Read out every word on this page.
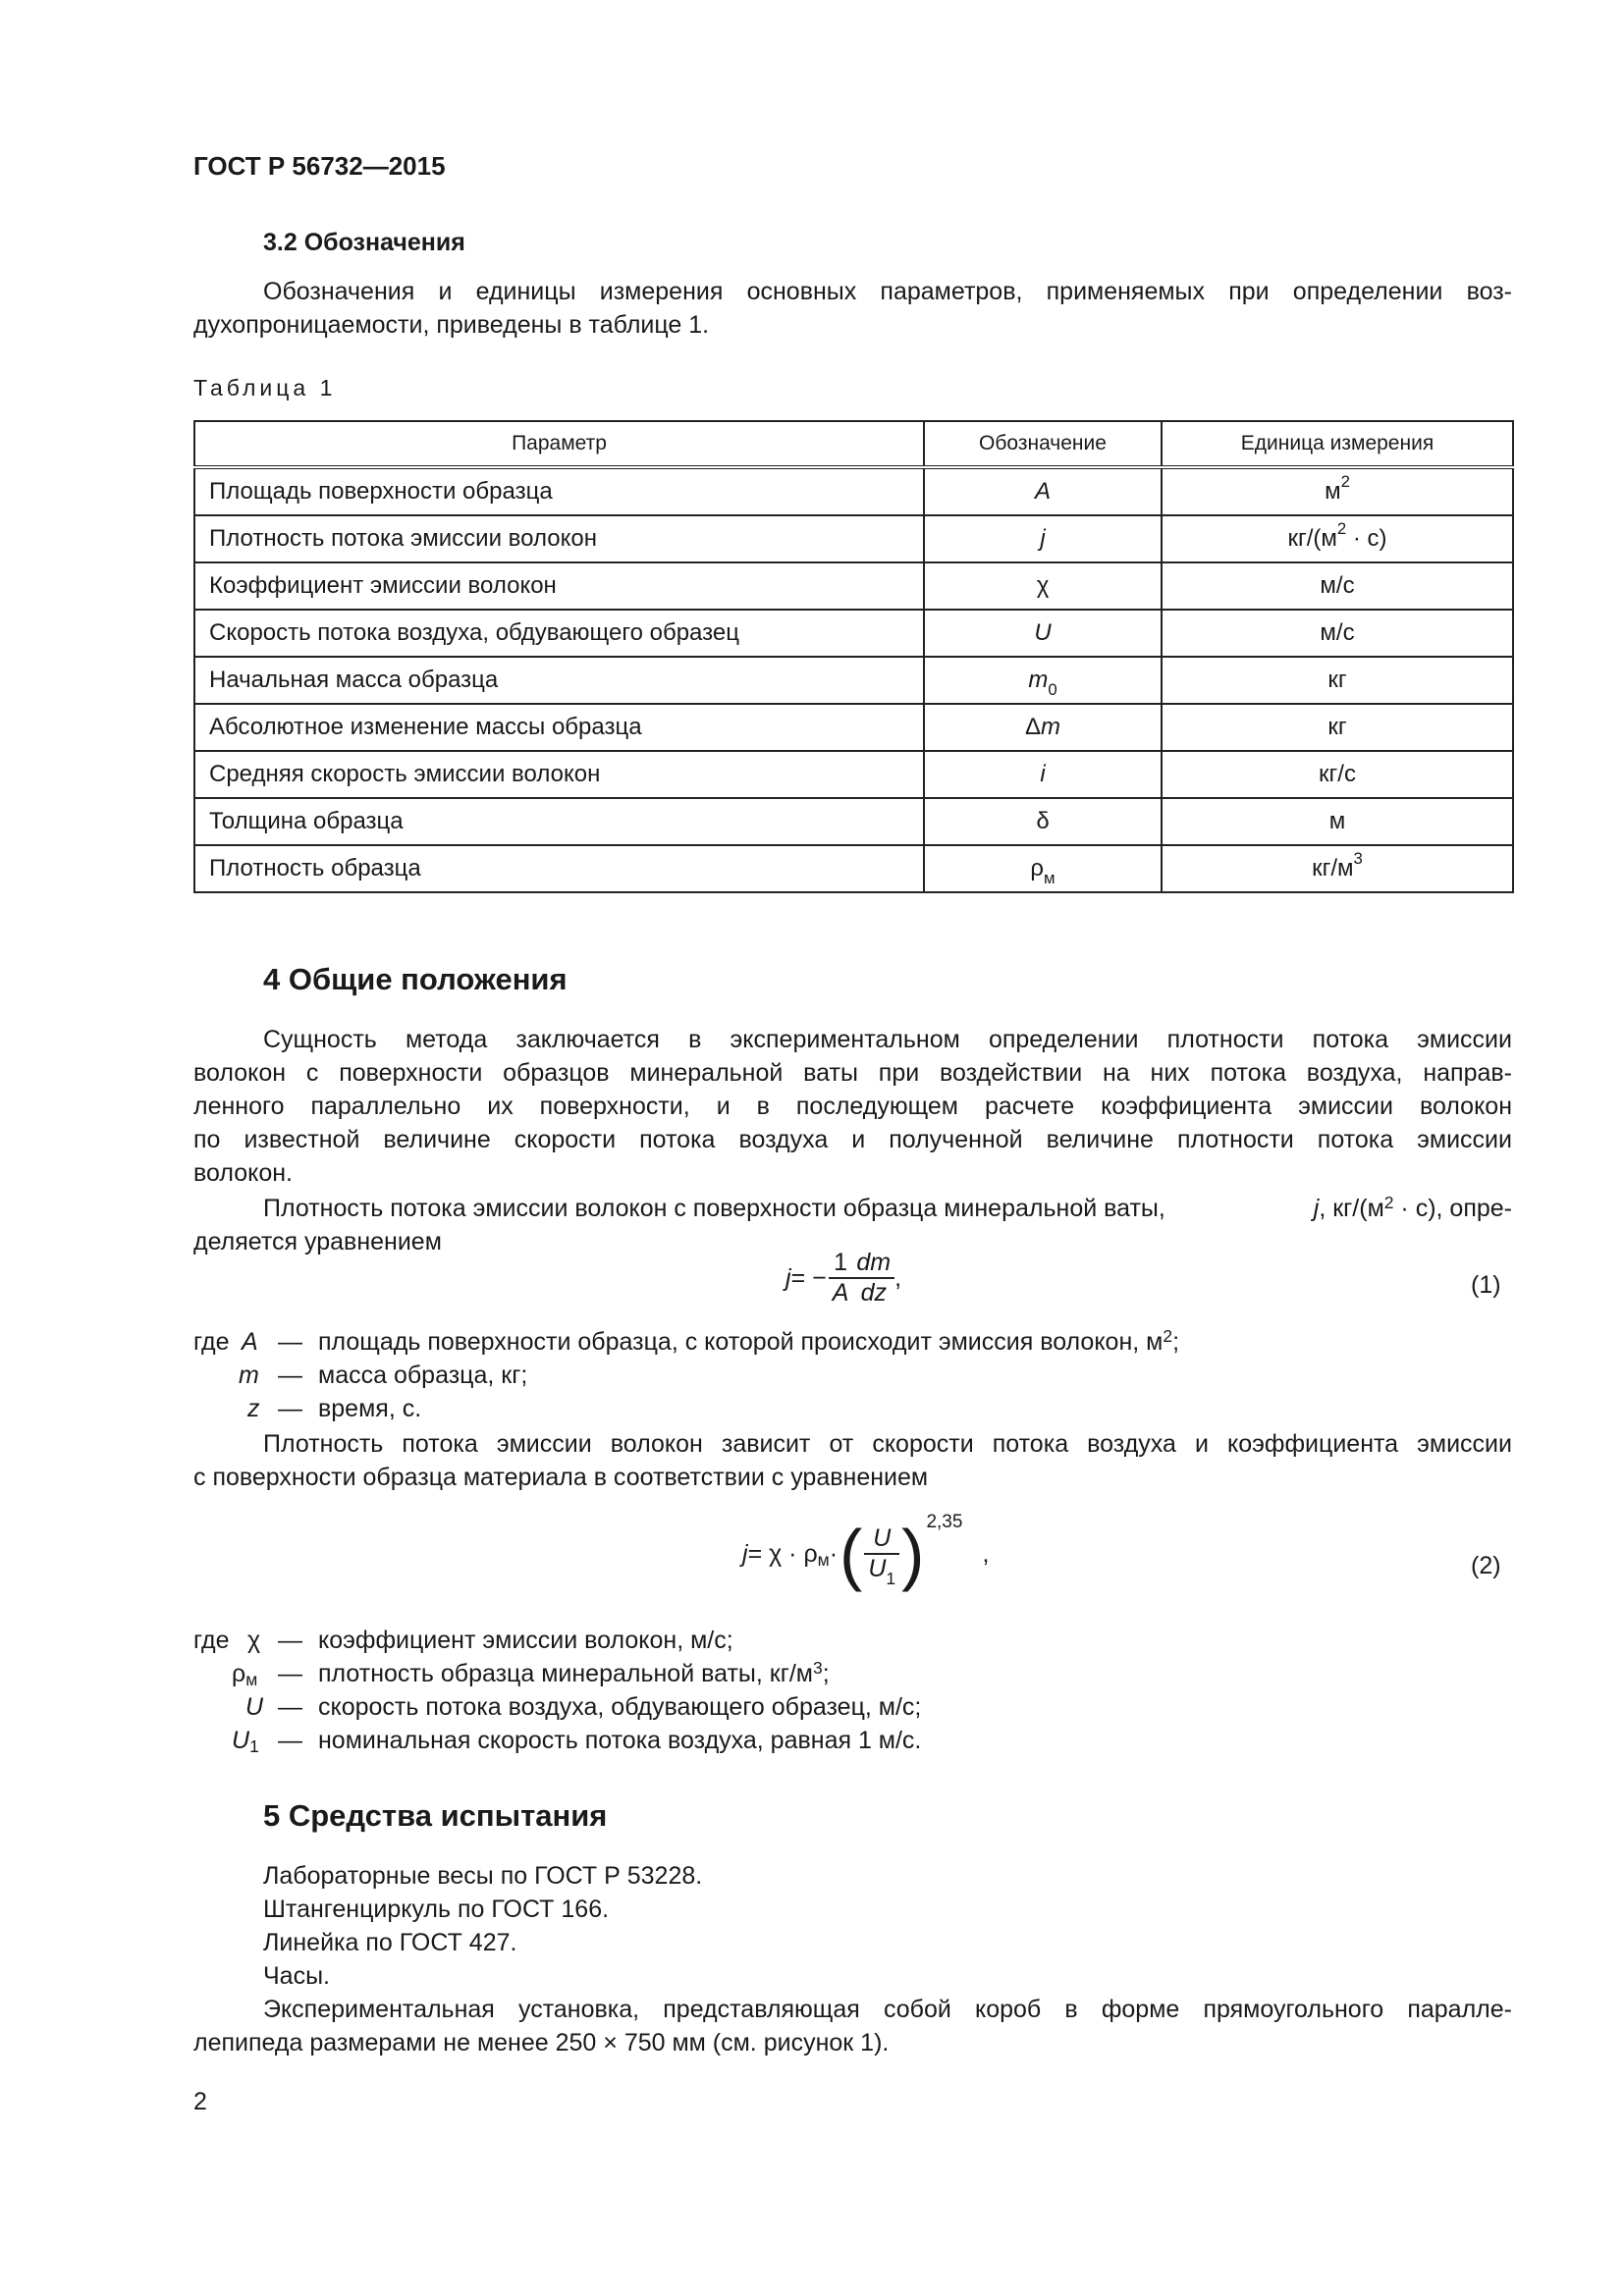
ГОСТ Р 56732—2015
3.2 Обозначения
Обозначения и единицы измерения основных параметров, применяемых при определении воз-
духопроницаемости, приведены в таблице 1.
Таблица 1
Параметр	Обозначение	Единица измерения
Площадь поверхности образца	A	$м^2$
Плотность потока эмиссии волокон	j	$кг/(м^2 \cdot с)$
Коэффициент эмиссии волокон	χ	м/с
Скорость потока воздуха, обдувающего образец	U	м/с
Начальная масса образца	$m_0$	кг
Абсолютное изменение массы образца	Δm	кг
Средняя скорость эмиссии волокон	i	кг/с
Толщина образца	δ	м
Плотность образца	$\rho_м$	$кг/м^3$
4 Общие положения
Сущность метода заключается в экспериментальном определении плотности потока эмиссии
волокон с поверхности образцов минеральной ваты при воздействии на них потока воздуха, направ-
ленного параллельно их поверхности, и в последующем расчете коэффициента эмиссии волокон
по известной величине скорости потока воздуха и полученной величине плотности потока эмиссии
волокон.
Плотность потока эмиссии волокон с поверхности образца минеральной ваты,	j, $кг/(м^2 \cdot с)$, опре-
деляется уравнением
j = − $\frac{1}{A} \frac{dm}{dz}$ ,	(1)
где A — площадь поверхности образца, с которой происходит эмиссия волокон, $м^2$;
m — масса образца, кг;
z — время, с.
Плотность потока эмиссии волокон зависит от скорости потока воздуха и коэффициента эмиссии
с поверхности образца материала в соответствии с уравнением
$j = \chi \cdot \rho_м$ · ( $\frac{U}{U_1}$ ) 2,35
,	(2)
где χ — коэффициент эмиссии волокон, м/с;
$\rho_м$ — плотность образца минеральной ваты, $кг/м^3$;
U — скорость потока воздуха, обдувающего образец, м/с;
$U_1$ — номинальная скорость потока воздуха, равная 1 м/с.
5 Средства испытания
Лабораторные весы по ГОСТ Р 53228.
Штангенциркуль по ГОСТ 166.
Линейка по ГОСТ 427.
Часы.
Экспериментальная установка, представляющая собой короб в форме прямоугольного паралле-
лепипеда размерами не менее 250 × 750 мм (см. рисунок 1).
2
